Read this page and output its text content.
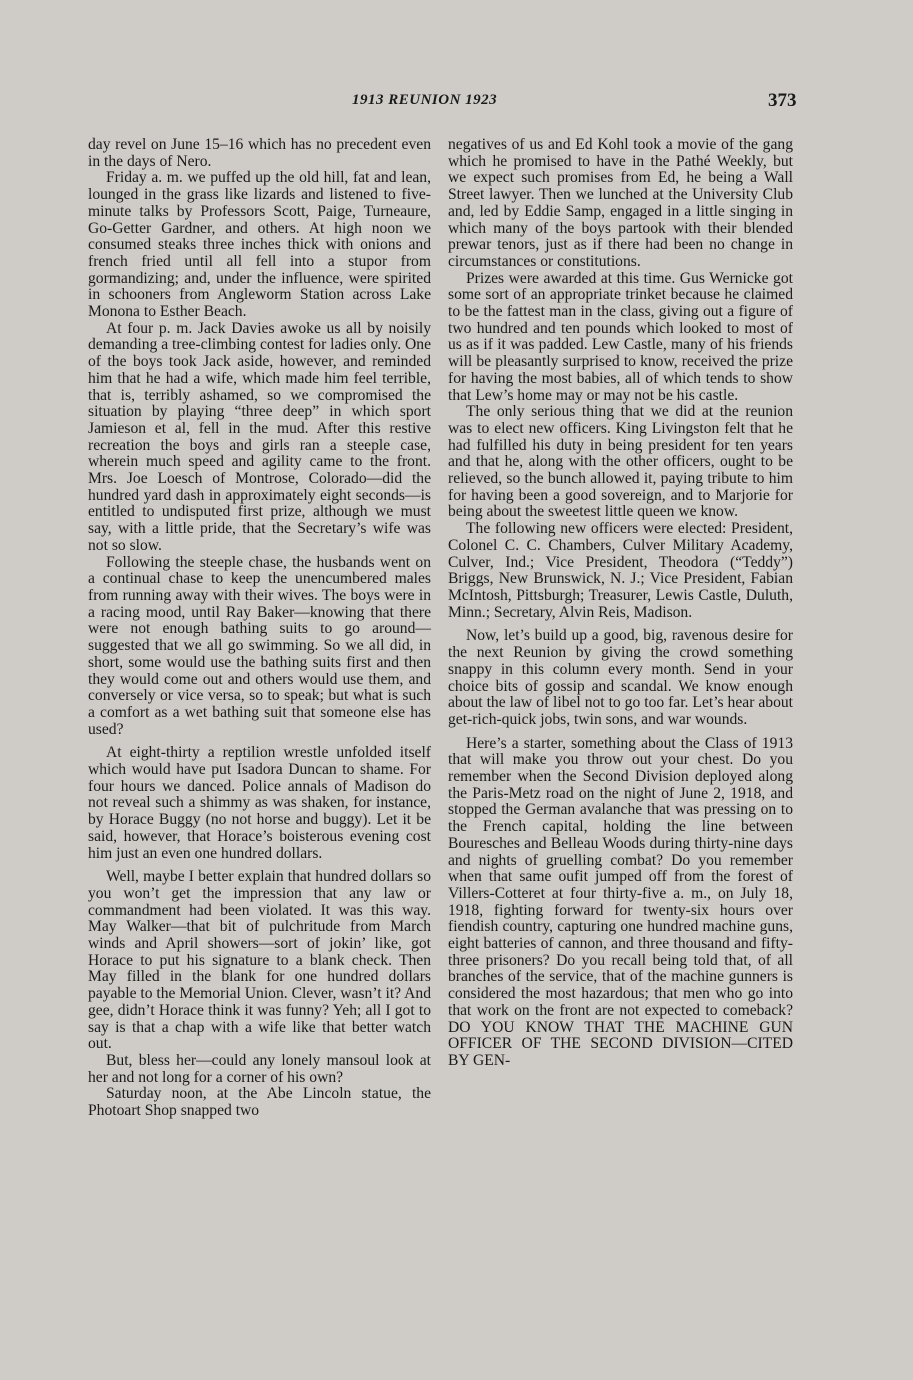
1913 REUNION 1923	373

day revel on June 15–16 which has no precedent even in the days of Nero.

Friday a. m. we puffed up the old hill, fat and lean, lounged in the grass like lizards and listened to five-minute talks by Professors Scott, Paige, Turneaure, Go-Getter Gardner, and others. At high noon we consumed steaks three inches thick with onions and french fried until all fell into a stupor from gormandizing; and, under the influence, were spirited in schooners from Angleworm Station across Lake Monona to Esther Beach.

At four p. m. Jack Davies awoke us all by noisily demanding a tree-climbing contest for ladies only. One of the boys took Jack aside, however, and reminded him that he had a wife, which made him feel terrible, that is, terribly ashamed, so we compromised the situation by playing “three deep” in which sport Jamieson et al, fell in the mud. After this restive recreation the boys and girls ran a steeple case, wherein much speed and agility came to the front. Mrs. Joe Loesch of Montrose, Colorado—did the hundred yard dash in approximately eight seconds—is entitled to undisputed first prize, although we must say, with a little pride, that the Secretary’s wife was not so slow.

Following the steeple chase, the husbands went on a continual chase to keep the unencumbered males from running away with their wives. The boys were in a racing mood, until Ray Baker—knowing that there were not enough bathing suits to go around—suggested that we all go swimming. So we all did, in short, some would use the bathing suits first and then they would come out and others would use them, and conversely or vice versa, so to speak; but what is such a comfort as a wet bathing suit that someone else has used?

At eight-thirty a reptilion wrestle unfolded itself which would have put Isadora Duncan to shame. For four hours we danced. Police annals of Madison do not reveal such a shimmy as was shaken, for instance, by Horace Buggy (no not horse and buggy). Let it be said, however, that Horace’s boisterous evening cost him just an even one hundred dollars.

Well, maybe I better explain that hundred dollars so you won’t get the impression that any law or commandment had been violated. It was this way. May Walker—that bit of pulchritude from March winds and April showers—sort of jokin’ like, got Horace to put his signature to a blank check. Then May filled in the blank for one hundred dollars payable to the Memorial Union. Clever, wasn’t it? And gee, didn’t Horace think it was funny? Yeh; all I got to say is that a chap with a wife like that better watch out.

But, bless her—could any lonely mansoul look at her and not long for a corner of his own?

Saturday noon, at the Abe Lincoln statue, the Photoart Shop snapped two

negatives of us and Ed Kohl took a movie of the gang which he promised to have in the Pathé Weekly, but we expect such promises from Ed, he being a Wall Street lawyer. Then we lunched at the University Club and, led by Eddie Samp, engaged in a little singing in which many of the boys partook with their blended prewar tenors, just as if there had been no change in circumstances or constitutions.

Prizes were awarded at this time. Gus Wernicke got some sort of an appropriate trinket because he claimed to be the fattest man in the class, giving out a figure of two hundred and ten pounds which looked to most of us as if it was padded. Lew Castle, many of his friends will be pleasantly surprised to know, received the prize for having the most babies, all of which tends to show that Lew’s home may or may not be his castle.

The only serious thing that we did at the reunion was to elect new officers. King Livingston felt that he had fulfilled his duty in being president for ten years and that he, along with the other officers, ought to be relieved, so the bunch allowed it, paying tribute to him for having been a good sovereign, and to Marjorie for being about the sweetest little queen we know.

The following new officers were elected: President, Colonel C. C. Chambers, Culver Military Academy, Culver, Ind.; Vice President, Theodora (“Teddy”) Briggs, New Brunswick, N. J.; Vice President, Fabian McIntosh, Pittsburgh; Treasurer, Lewis Castle, Duluth, Minn.; Secretary, Alvin Reis, Madison.

Now, let’s build up a good, big, ravenous desire for the next Reunion by giving the crowd something snappy in this column every month. Send in your choice bits of gossip and scandal. We know enough about the law of libel not to go too far. Let’s hear about get-rich-quick jobs, twin sons, and war wounds.

Here’s a starter, something about the Class of 1913 that will make you throw out your chest. Do you remember when the Second Division deployed along the Paris-Metz road on the night of June 2, 1918, and stopped the German avalanche that was pressing on to the French capital, holding the line between Bouresches and Belleau Woods during thirty-nine days and nights of gruelling combat? Do you remember when that same oufit jumped off from the forest of Villers-Cotteret at four thirty-five a. m., on July 18, 1918, fighting forward for twenty-six hours over fiendish country, capturing one hundred machine guns, eight batteries of cannon, and three thousand and fifty-three prisoners? Do you recall being told that, of all branches of the service, that of the machine gunners is considered the most hazardous; that men who go into that work on the front are not expected to comeback? DO YOU KNOW THAT THE MACHINE GUN OFFICER OF THE SECOND DIVISION—CITED BY GEN-
